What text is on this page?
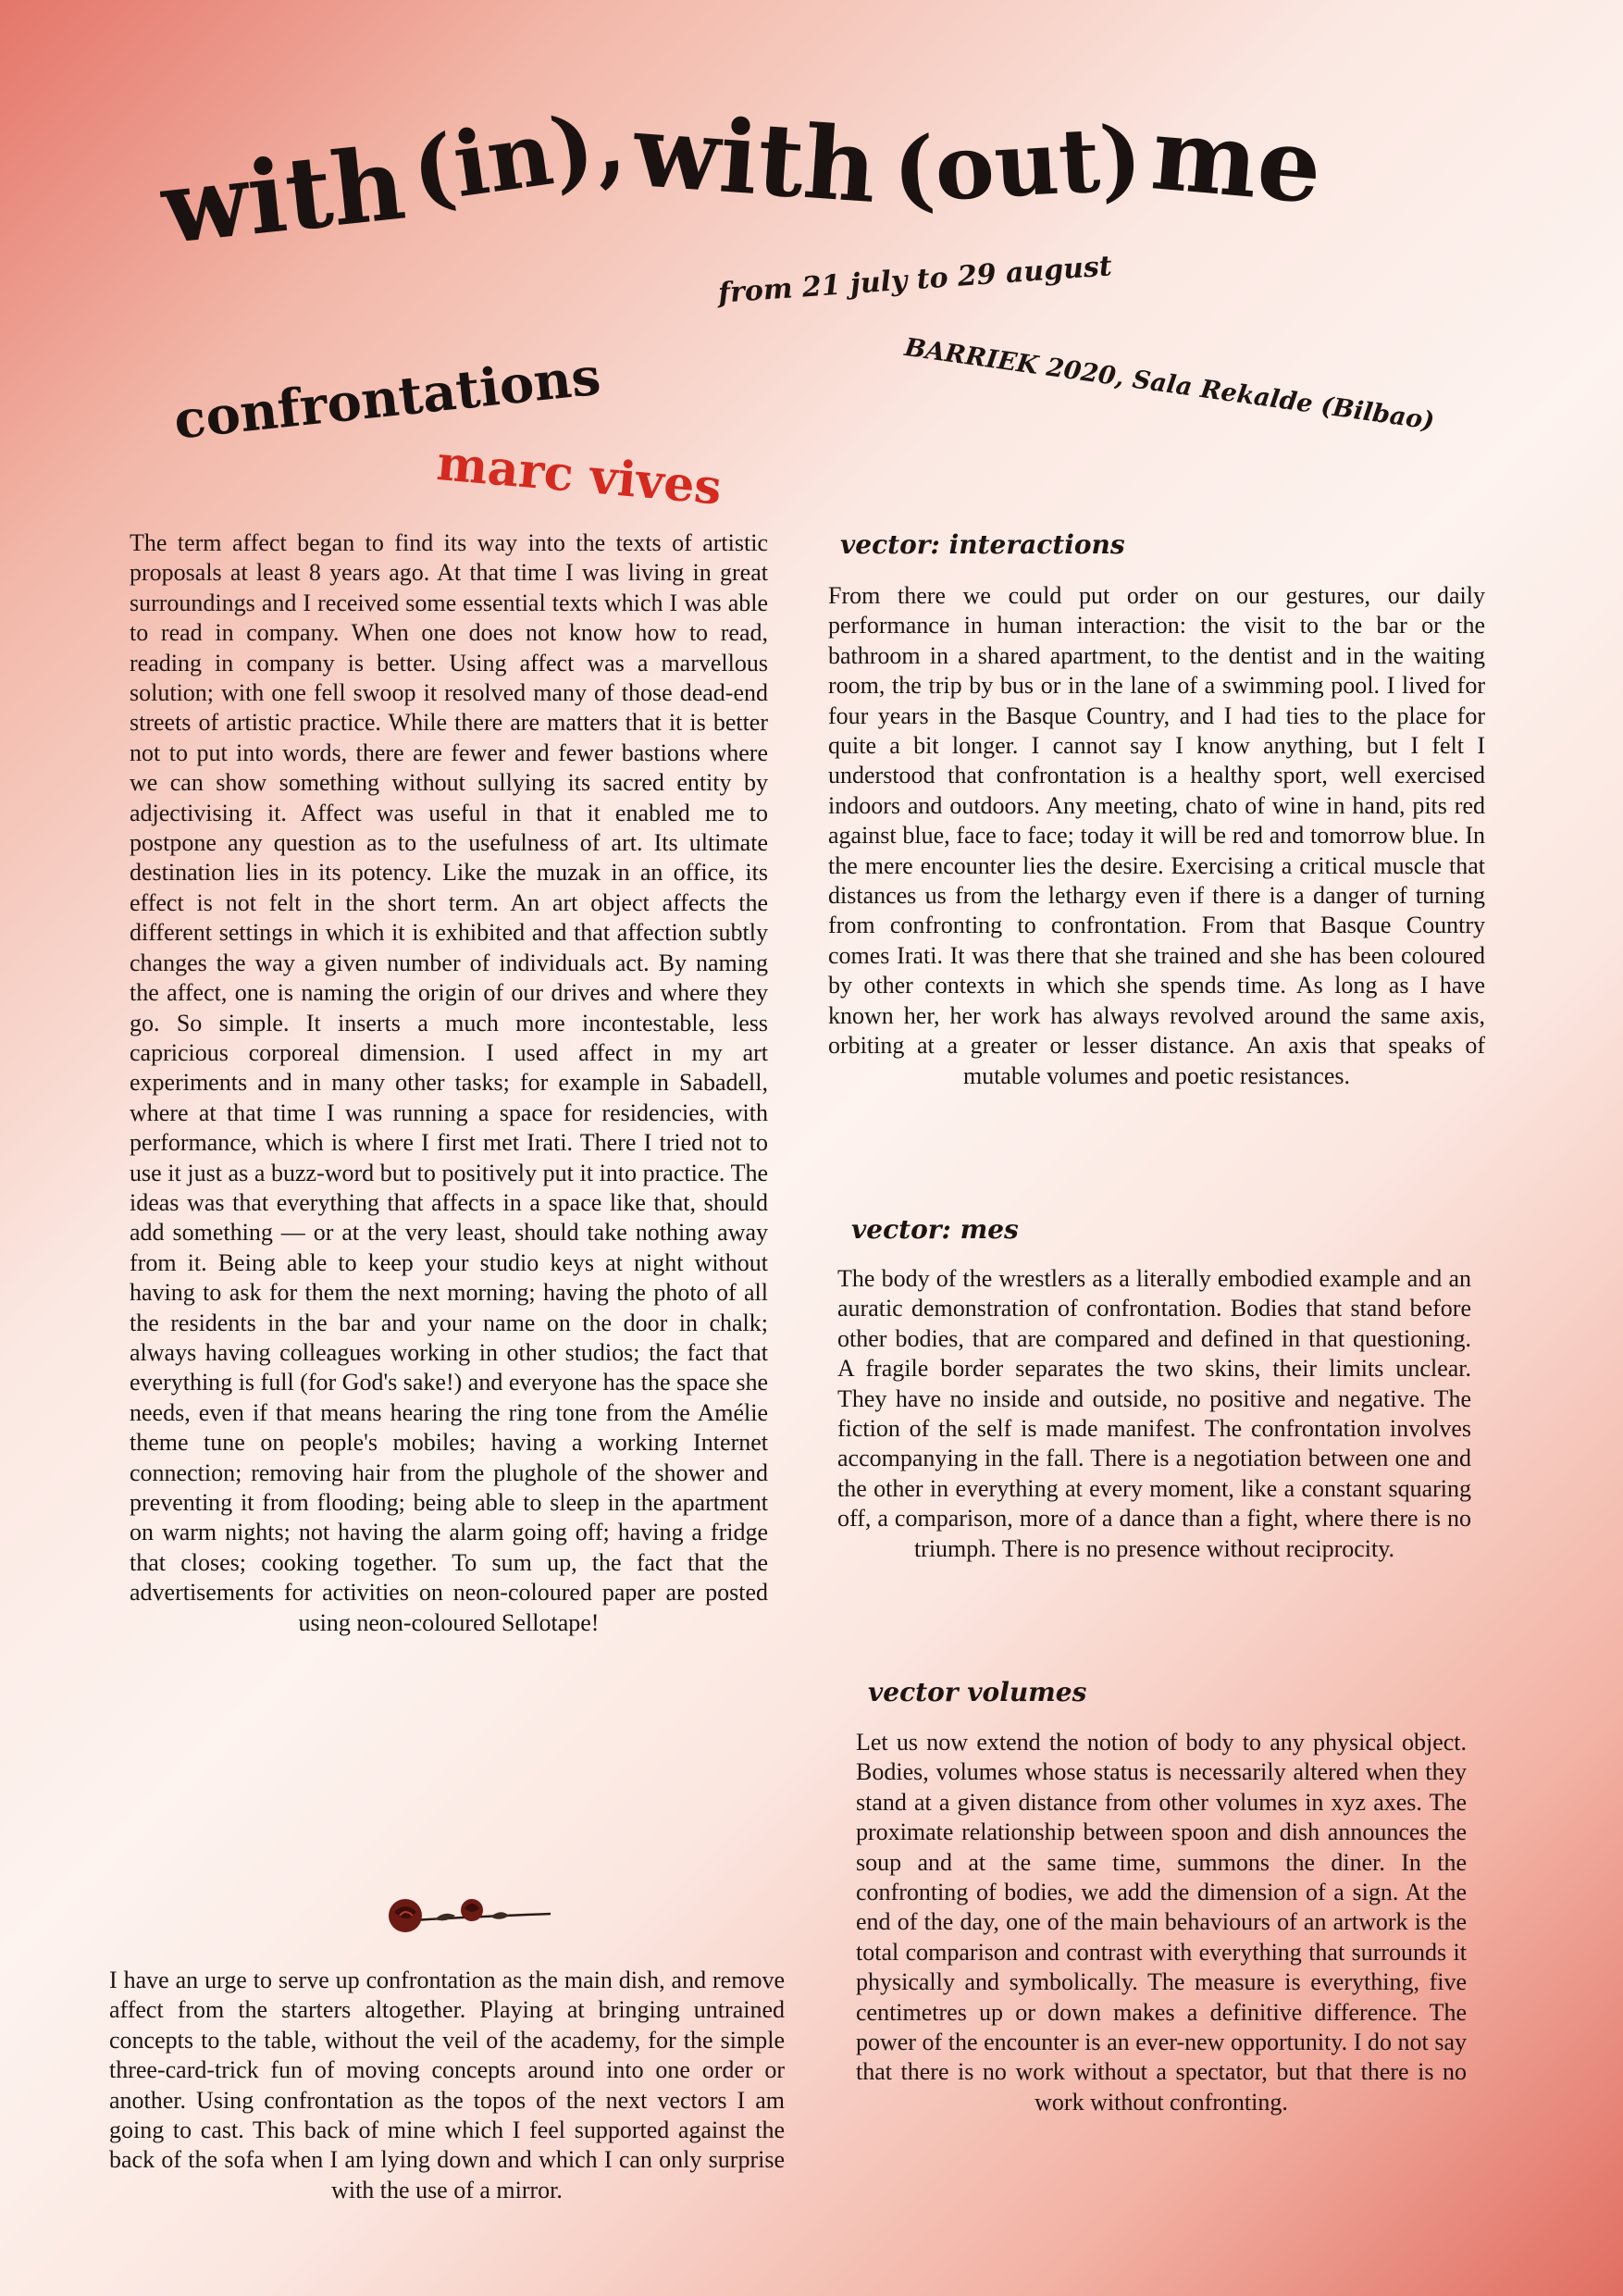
with
(in),
with (out) me
from 21 july to 29 august
BARRIEK 2020, Sala Rekalde (Bilbao)
confrontations
marc vives

The term affect began to find its way into the texts of artistic proposals at least 8 years ago. At that time I was living in great surroundings and I received some essential texts which I was able to read in company. When one does not know how to read, reading in company is better. Using affect was a marvellous solution; with one fell swoop it resolved many of those dead-end streets of artistic practice. While there are matters that it is better not to put into words, there are fewer and fewer bastions where we can show something without sullying its sacred entity by adjectivising it. Affect was useful in that it enabled me to postpone any question as to the usefulness of art. Its ultimate destination lies in its potency. Like the muzak in an office, its effect is not felt in the short term. An art object affects the different settings in which it is exhibited and that affection subtly changes the way a given number of individuals act. By naming the affect, one is naming the origin of our drives and where they go. So simple. It inserts a much more incontestable, less capricious corporeal dimension. I used affect in my art experiments and in many other tasks; for example in Sabadell, where at that time I was running a space for residencies, with performance, which is where I first met Irati. There I tried not to use it just as a buzz-word but to positively put it into practice. The ideas was that everything that affects in a space like that, should add something — or at the very least, should take nothing away from it. Being able to keep your studio keys at night without having to ask for them the next morning; having the photo of all the residents in the bar and your name on the door in chalk; always having colleagues working in other studios; the fact that everything is full (for God's sake!) and everyone has the space she needs, even if that means hearing the ring tone from the Amélie theme tune on people's mobiles; having a working Internet connection; removing hair from the plughole of the shower and preventing it from flooding; being able to sleep in the apartment on warm nights; not having the alarm going off; having a fridge that closes; cooking together. To sum up, the fact that the advertisements for activities on neon-coloured paper are posted using neon-coloured Sellotape!

I have an urge to serve up confrontation as the main dish, and remove affect from the starters altogether. Playing at bringing untrained concepts to the table, without the veil of the academy, for the simple three-card-trick fun of moving concepts around into one order or another. Using confrontation as the topos of the next vectors I am going to cast. This back of mine which I feel supported against the back of the sofa when I am lying down and which I can only surprise with the use of a mirror.

vector: interactions

From there we could put order on our gestures, our daily performance in human interaction: the visit to the bar or the bathroom in a shared apartment, to the dentist and in the waiting room, the trip by bus or in the lane of a swimming pool. I lived for four years in the Basque Country, and I had ties to the place for quite a bit longer. I cannot say I know anything, but I felt I understood that confrontation is a healthy sport, well exercised indoors and outdoors. Any meeting, chato of wine in hand, pits red against blue, face to face; today it will be red and tomorrow blue. In the mere encounter lies the desire. Exercising a critical muscle that distances us from the lethargy even if there is a danger of turning from confronting to confrontation. From that Basque Country comes Irati. It was there that she trained and she has been coloured by other contexts in which she spends time. As long as I have known her, her work has always revolved around the same axis, orbiting at a greater or lesser distance. An axis that speaks of mutable volumes and poetic resistances.

vector: mes

The body of the wrestlers as a literally embodied example and an auratic demonstration of confrontation. Bodies that stand before other bodies, that are compared and defined in that questioning. A fragile border separates the two skins, their limits unclear. They have no inside and outside, no positive and negative. The fiction of the self is made manifest. The confrontation involves accompanying in the fall. There is a negotiation between one and the other in everything at every moment, like a constant squaring off, a comparison, more of a dance than a fight, where there is no triumph. There is no presence without reciprocity.

vector volumes

Let us now extend the notion of body to any physical object. Bodies, volumes whose status is necessarily altered when they stand at a given distance from other volumes in xyz axes. The proximate relationship between spoon and dish announces the soup and at the same time, summons the diner. In the confronting of bodies, we add the dimension of a sign. At the end of the day, one of the main behaviours of an artwork is the total comparison and contrast with everything that surrounds it physically and symbolically. The measure is everything, five centimetres up or down makes a definitive difference. The power of the encounter is an ever-new opportunity. I do not say that there is no work without a spectator, but that there is no work without confronting.
